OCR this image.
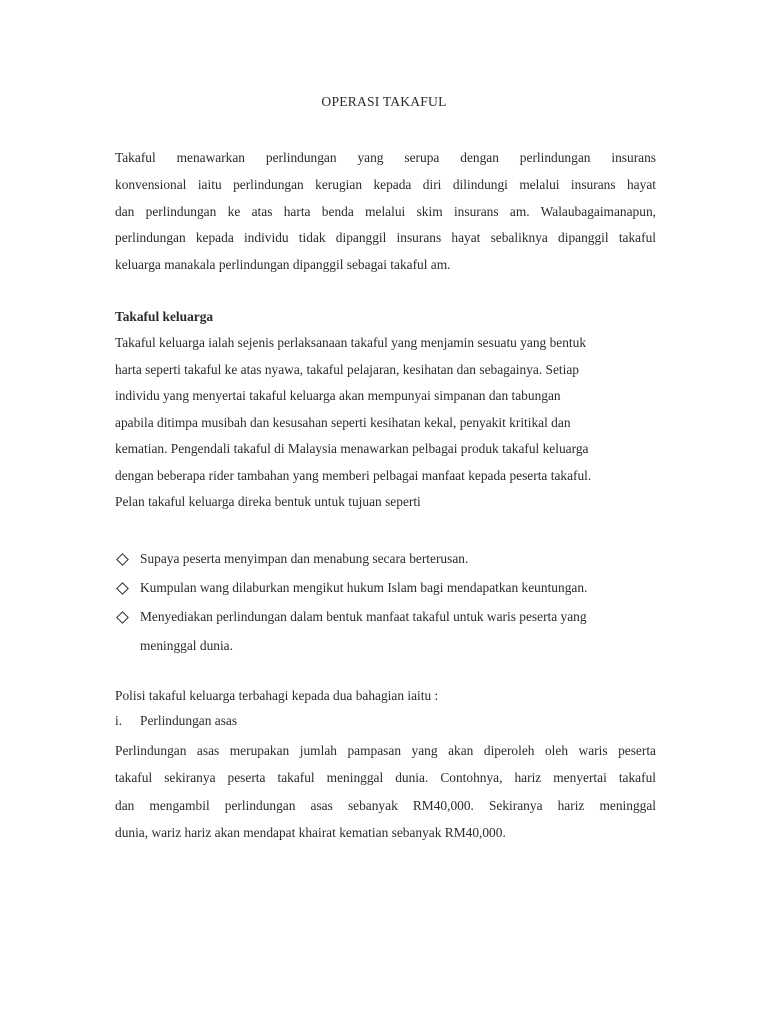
OPERASI TAKAFUL
Takaful menawarkan perlindungan yang serupa dengan perlindungan insurans
konvensional iaitu perlindungan kerugian kepada diri dilindungi melalui insurans hayat
dan perlindungan ke atas harta benda melalui skim insurans am. Walaubagaimanapun,
perlindungan kepada individu tidak dipanggil insurans hayat sebaliknya dipanggil takaful
keluarga manakala perlindungan dipanggil sebagai takaful am.
Takaful keluarga
Takaful keluarga ialah sejenis perlaksanaan takaful yang menjamin sesuatu yang bentuk
harta seperti takaful ke atas nyawa, takaful pelajaran, kesihatan dan sebagainya. Setiap
individu yang menyertai takaful keluarga akan mempunyai simpanan dan tabungan
apabila ditimpa musibah dan kesusahan seperti kesihatan kekal, penyakit kritikal dan
kematian. Pengendali takaful di Malaysia menawarkan pelbagai produk takaful keluarga
dengan beberapa rider tambahan yang memberi pelbagai manfaat kepada peserta takaful.
Pelan takaful keluarga direka bentuk untuk tujuan seperti
Supaya peserta menyimpan dan menabung secara berterusan.
Kumpulan wang dilaburkan mengikut hukum Islam bagi mendapatkan keuntungan.
Menyediakan perlindungan dalam bentuk manfaat takaful untuk waris peserta yang
meninggal dunia.
Polisi takaful keluarga terbahagi kepada dua bahagian iaitu :
i. Perlindungan asas
Perlindungan asas merupakan jumlah pampasan yang akan diperoleh oleh waris peserta
takaful sekiranya peserta takaful meninggal dunia. Contohnya, hariz menyertai takaful
dan mengambil perlindungan asas sebanyak RM40,000. Sekiranya hariz meninggal
dunia, wariz hariz akan mendapat khairat kematian sebanyak RM40,000.
